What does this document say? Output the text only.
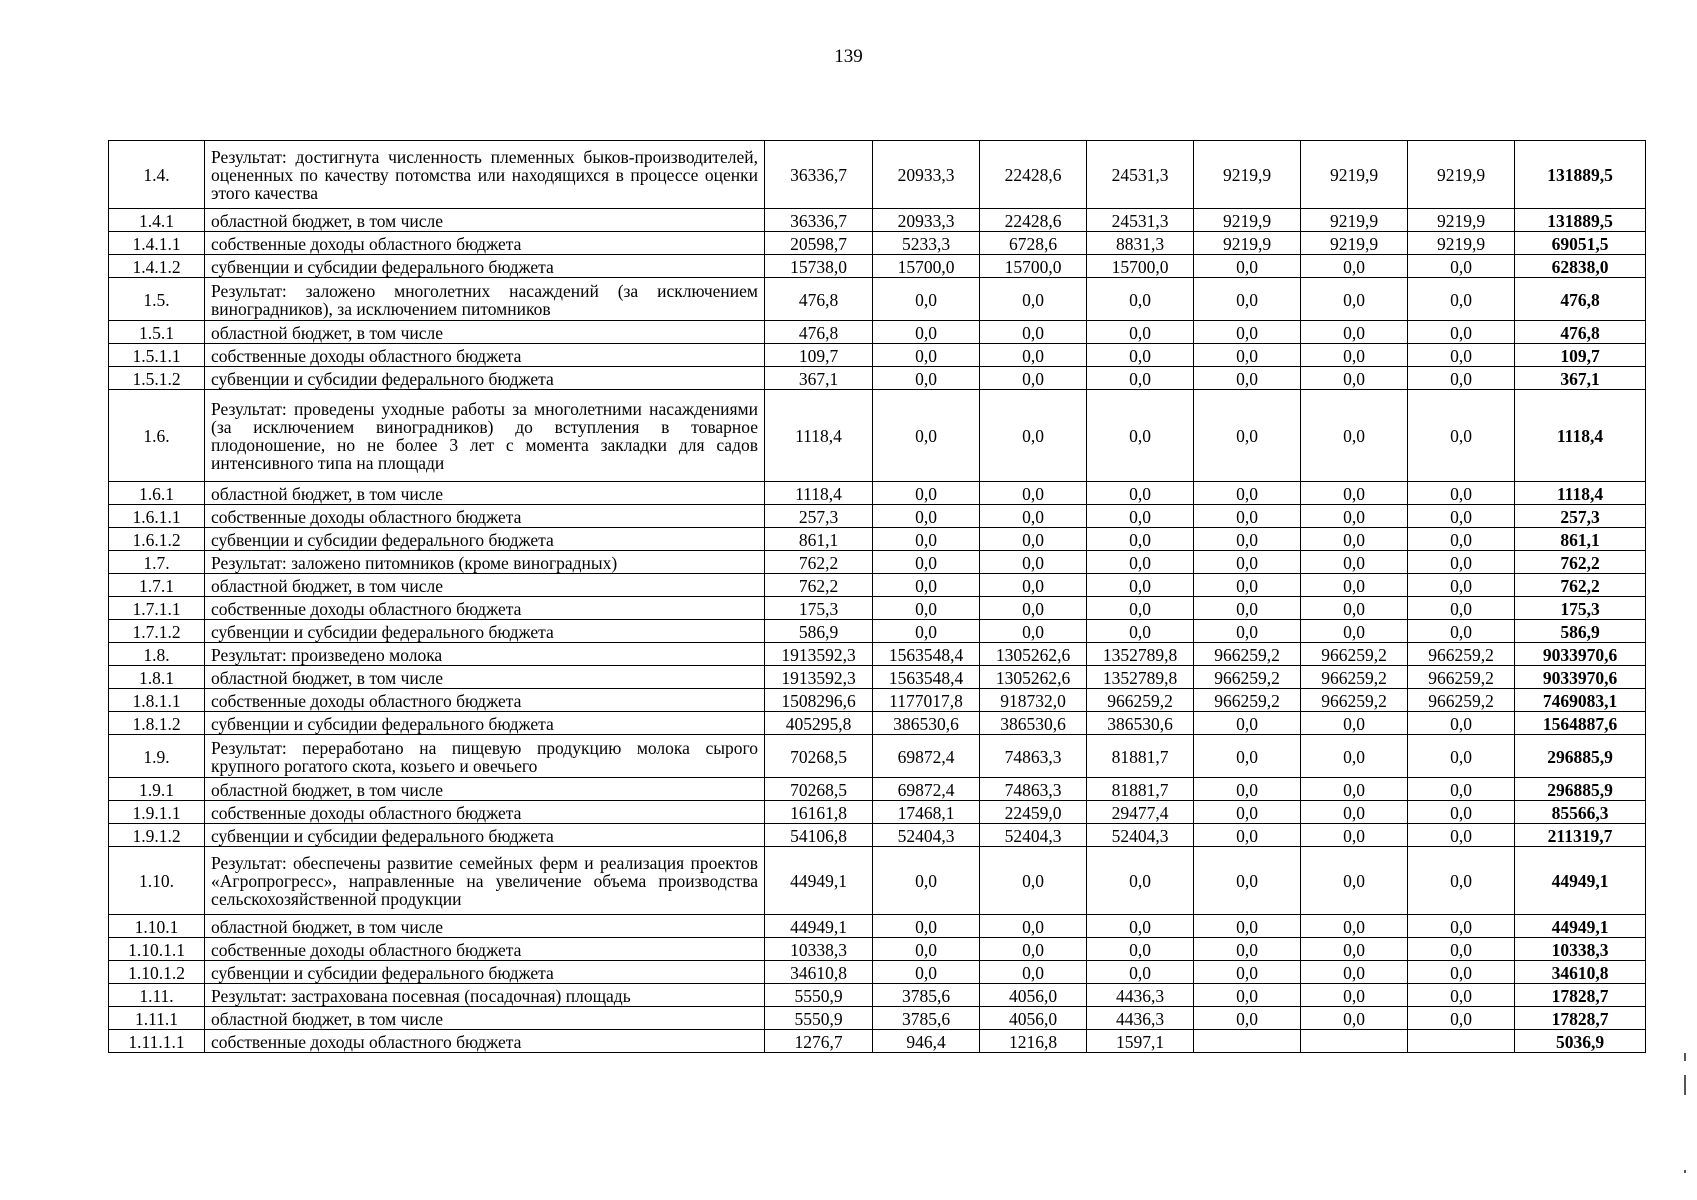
139
1.4.	Результат: достигнута численность племенных быков-производителей, оцененных по качеству потомства или находящихся в процессе оценки этого качества	36336,7	20933,3	22428,6	24531,3	9219,9	9219,9	9219,9	131889,5
1.4.1	областной бюджет, в том числе	36336,7	20933,3	22428,6	24531,3	9219,9	9219,9	9219,9	131889,5
1.4.1.1	собственные доходы областного бюджета	20598,7	5233,3	6728,6	8831,3	9219,9	9219,9	9219,9	69051,5
1.4.1.2	субвенции и субсидии федерального бюджета	15738,0	15700,0	15700,0	15700,0	0,0	0,0	0,0	62838,0
1.5.	Результат: заложено многолетних насаждений (за исключением виноградников), за исключением питомников	476,8	0,0	0,0	0,0	0,0	0,0	0,0	476,8
1.5.1	областной бюджет, в том числе	476,8	0,0	0,0	0,0	0,0	0,0	0,0	476,8
1.5.1.1	собственные доходы областного бюджета	109,7	0,0	0,0	0,0	0,0	0,0	0,0	109,7
1.5.1.2	субвенции и субсидии федерального бюджета	367,1	0,0	0,0	0,0	0,0	0,0	0,0	367,1
1.6.	Результат: проведены уходные работы за многолетними насаждениями (за исключением виноградников) до вступления в товарное плодоношение, но не более 3 лет с момента закладки для садов интенсивного типа на площади	1118,4	0,0	0,0	0,0	0,0	0,0	0,0	1118,4
1.6.1	областной бюджет, в том числе	1118,4	0,0	0,0	0,0	0,0	0,0	0,0	1118,4
1.6.1.1	собственные доходы областного бюджета	257,3	0,0	0,0	0,0	0,0	0,0	0,0	257,3
1.6.1.2	субвенции и субсидии федерального бюджета	861,1	0,0	0,0	0,0	0,0	0,0	0,0	861,1
1.7.	Результат: заложено питомников (кроме виноградных)	762,2	0,0	0,0	0,0	0,0	0,0	0,0	762,2
1.7.1	областной бюджет, в том числе	762,2	0,0	0,0	0,0	0,0	0,0	0,0	762,2
1.7.1.1	собственные доходы областного бюджета	175,3	0,0	0,0	0,0	0,0	0,0	0,0	175,3
1.7.1.2	субвенции и субсидии федерального бюджета	586,9	0,0	0,0	0,0	0,0	0,0	0,0	586,9
1.8.	Результат: произведено молока	1913592,3	1563548,4	1305262,6	1352789,8	966259,2	966259,2	966259,2	9033970,6
1.8.1	областной бюджет, в том числе	1913592,3	1563548,4	1305262,6	1352789,8	966259,2	966259,2	966259,2	9033970,6
1.8.1.1	собственные доходы областного бюджета	1508296,6	1177017,8	918732,0	966259,2	966259,2	966259,2	966259,2	7469083,1
1.8.1.2	субвенции и субсидии федерального бюджета	405295,8	386530,6	386530,6	386530,6	0,0	0,0	0,0	1564887,6
1.9.	Результат: переработано на пищевую продукцию молока сырого крупного рогатого скота, козьего и овечьего	70268,5	69872,4	74863,3	81881,7	0,0	0,0	0,0	296885,9
1.9.1	областной бюджет, в том числе	70268,5	69872,4	74863,3	81881,7	0,0	0,0	0,0	296885,9
1.9.1.1	собственные доходы областного бюджета	16161,8	17468,1	22459,0	29477,4	0,0	0,0	0,0	85566,3
1.9.1.2	субвенции и субсидии федерального бюджета	54106,8	52404,3	52404,3	52404,3	0,0	0,0	0,0	211319,7
1.10.	Результат: обеспечены развитие семейных ферм и реализация проектов «Агропрогресс», направленные на увеличение объема производства сельскохозяйственной продукции	44949,1	0,0	0,0	0,0	0,0	0,0	0,0	44949,1
1.10.1	областной бюджет, в том числе	44949,1	0,0	0,0	0,0	0,0	0,0	0,0	44949,1
1.10.1.1	собственные доходы областного бюджета	10338,3	0,0	0,0	0,0	0,0	0,0	0,0	10338,3
1.10.1.2	субвенции и субсидии федерального бюджета	34610,8	0,0	0,0	0,0	0,0	0,0	0,0	34610,8
1.11.	Результат: застрахована посевная (посадочная) площадь	5550,9	3785,6	4056,0	4436,3	0,0	0,0	0,0	17828,7
1.11.1	областной бюджет, в том числе	5550,9	3785,6	4056,0	4436,3	0,0	0,0	0,0	17828,7
1.11.1.1	собственные доходы областного бюджета	1276,7	946,4	1216,8	1597,1				5036,9
